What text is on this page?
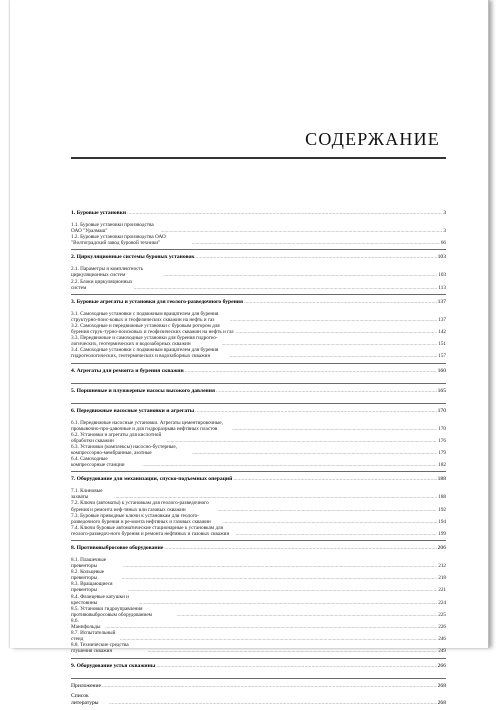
СОДЕРЖАНИЕ
1. Буровые установки .....	3
1.1. Буровые установки производства ОАО "Уралмаш" .....	3
1.2. Буровые установки производства ОАО "Волгоградский завод буровой техники" .....	66
2. Циркуляционные системы буровых установок .....	103
2.1. Параметры и комплектность циркуляционных систем .....	103
2.2. Блоки циркуляционных систем .....	113
3. Буровые агрегаты и установки для геолого-разведочного бурения .....	137
3.1. Самоходные установки с подвижным вращателем для бурения структурно-поис-ковых и геофизических скважин на нефть и газ .....	137
3.2. Самоходные и передвижные установки с буровым ротором для бурения струк-турно-поисковых и геофизических скважин на нефть и газ .....	142
3.3. Передвижные и самоходные установки для бурения гидрогео-логических, геотермических и водозаборных скважин .....	151
3.4. Самоходные установки с подвижным вращателем для бурения гидрогеологических, геотермических и водозаборных скважин .....	157
4. Агрегаты для ремонта и бурения скважин .....	160
5. Поршневые и плунжерные насосы высокого давления .....	165
6. Передвижные насосные установки и агрегаты .....	170
6.1. Передвижные насосные установки. Агрегаты цементировочные, промывочно-про-давочные и для гидроразрыва нефтяных пластов .....	170
6.2. Установки и агрегаты для кислотной обработки скважин .....	176
6.3. Установки (комплексы) насосно-бустерные, компрессорно-мембранные, азотные .....	179
6.4. Самоходные компрессорные станции .....	182
7. Оборудование для механизации, спуско-подъемных операций .....	188
7.1. Клиновые захваты .....	188
7.2. Ключи (автоматы) к установкам для геолого-разведочного бурения и ремонта неф-тяных или газовых скважин .....	192
7.3. Буровые приводные ключи к установкам для геолого-разведочного бурения и ре-монта нефтяных и газовых скважин .....	194
7.4. Ключи буровые автоматические стационарные к установкам для геолого-разведоч-ного бурения и ремонта нефтяных и газовых скважин .....	199
8. Противовыбросовое оборудование .....	206
8.1. Плашечные превенторы .....	212
8.2. Кольцевые превенторы .....	218
8.3. Вращающиеся превенторы .....	221
8.4. Фланцевые катушки и крестовины .....	224
8.5. Установки гидроуправления противовыбросовым оборудованием .....	225
8.6. Манифольды .....	226
8.7. Испытательный стенд .....	246
8.8. Технические средства глушения скважин .....	249
9. Оборудование устья скважины .....	266
Приложение .....	268
Список литературы .....	268
